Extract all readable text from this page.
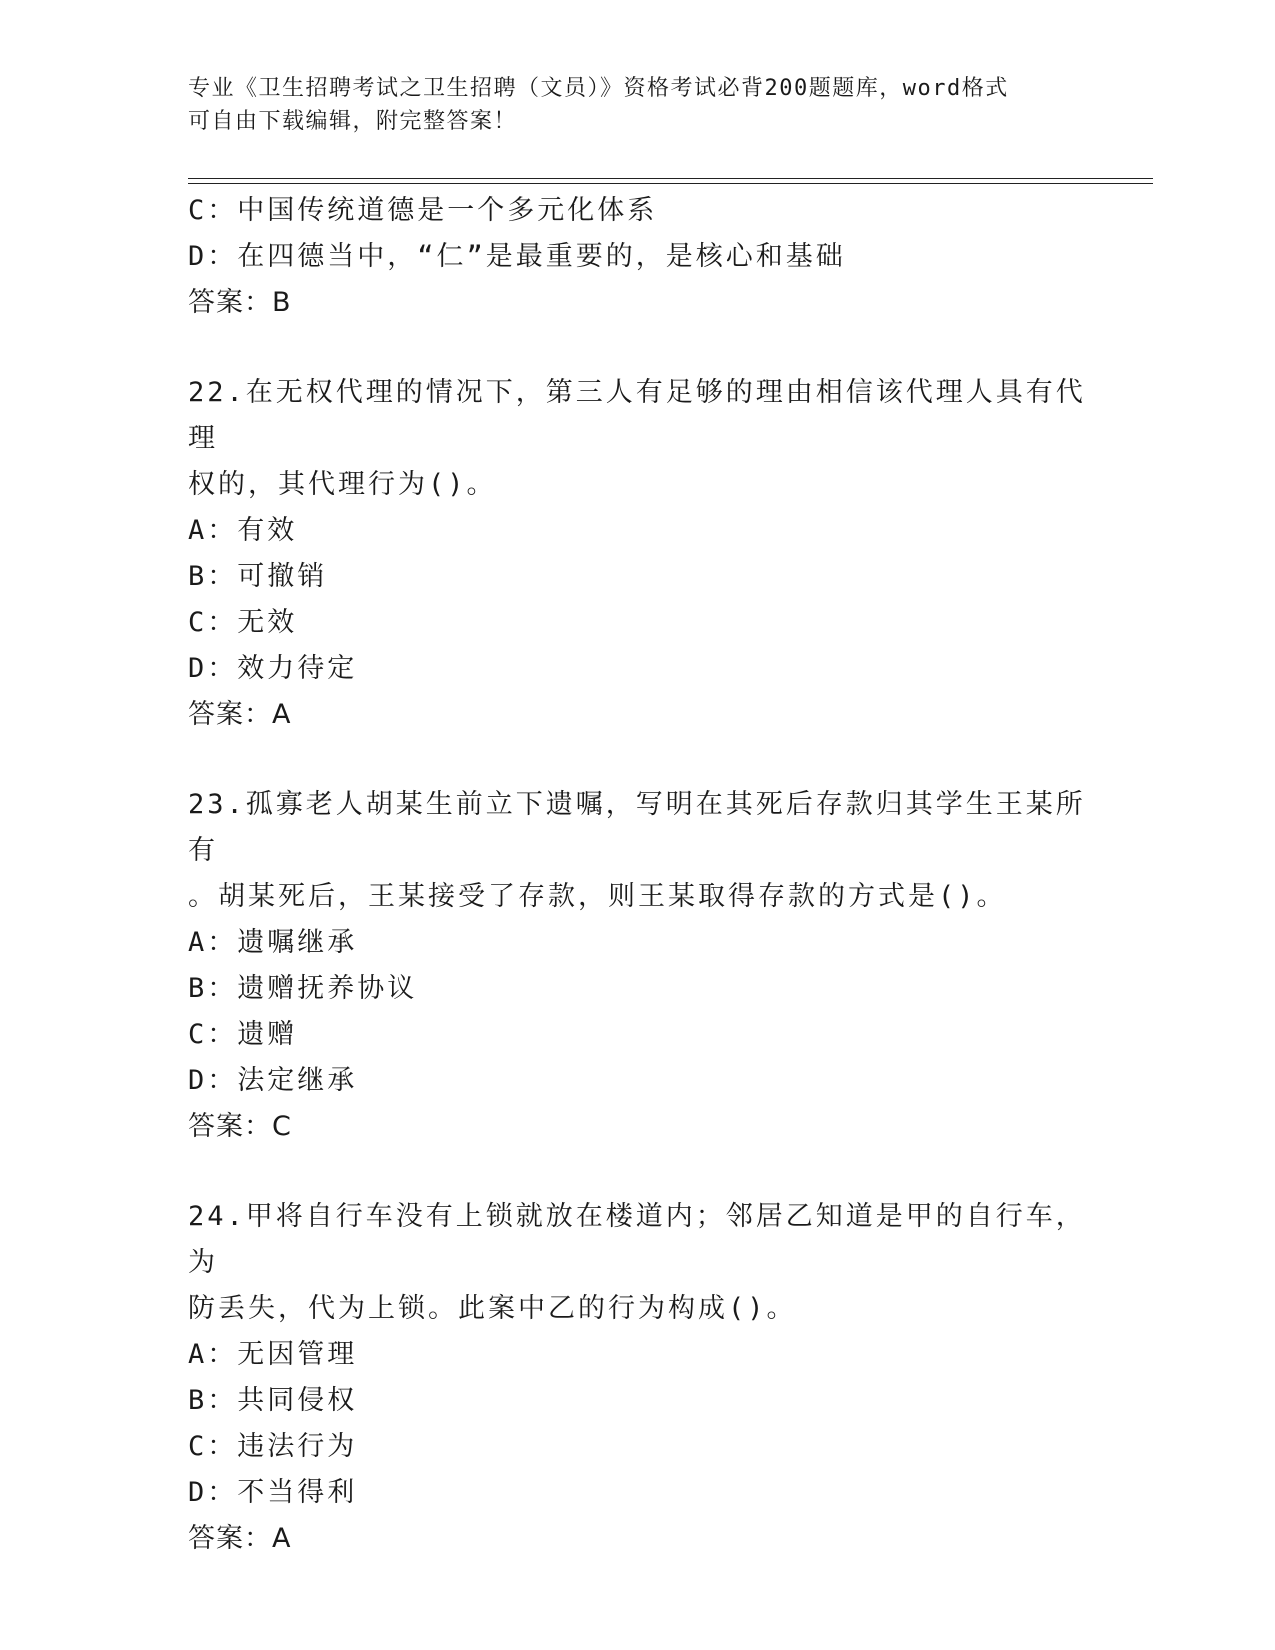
专业《卫生招聘考试之卫生招聘（文员）》资格考试必背200题题库，word格式
可自由下载编辑，附完整答案！
C：中国传统道德是一个多元化体系
D：在四德当中，“仁”是最重要的，是核心和基础
答案：B
22.在无权代理的情况下，第三人有足够的理由相信该代理人具有代理
权的，其代理行为()。
A：有效
B：可撤销
C：无效
D：效力待定
答案：A
23.孤寡老人胡某生前立下遗嘱，写明在其死后存款归其学生王某所有
。胡某死后，王某接受了存款，则王某取得存款的方式是()。
A：遗嘱继承
B：遗赠抚养协议
C：遗赠
D：法定继承
答案：C
24.甲将自行车没有上锁就放在楼道内；邻居乙知道是甲的自行车，为
防丢失，代为上锁。此案中乙的行为构成()。
A：无因管理
B：共同侵权
C：违法行为
D：不当得利
答案：A
